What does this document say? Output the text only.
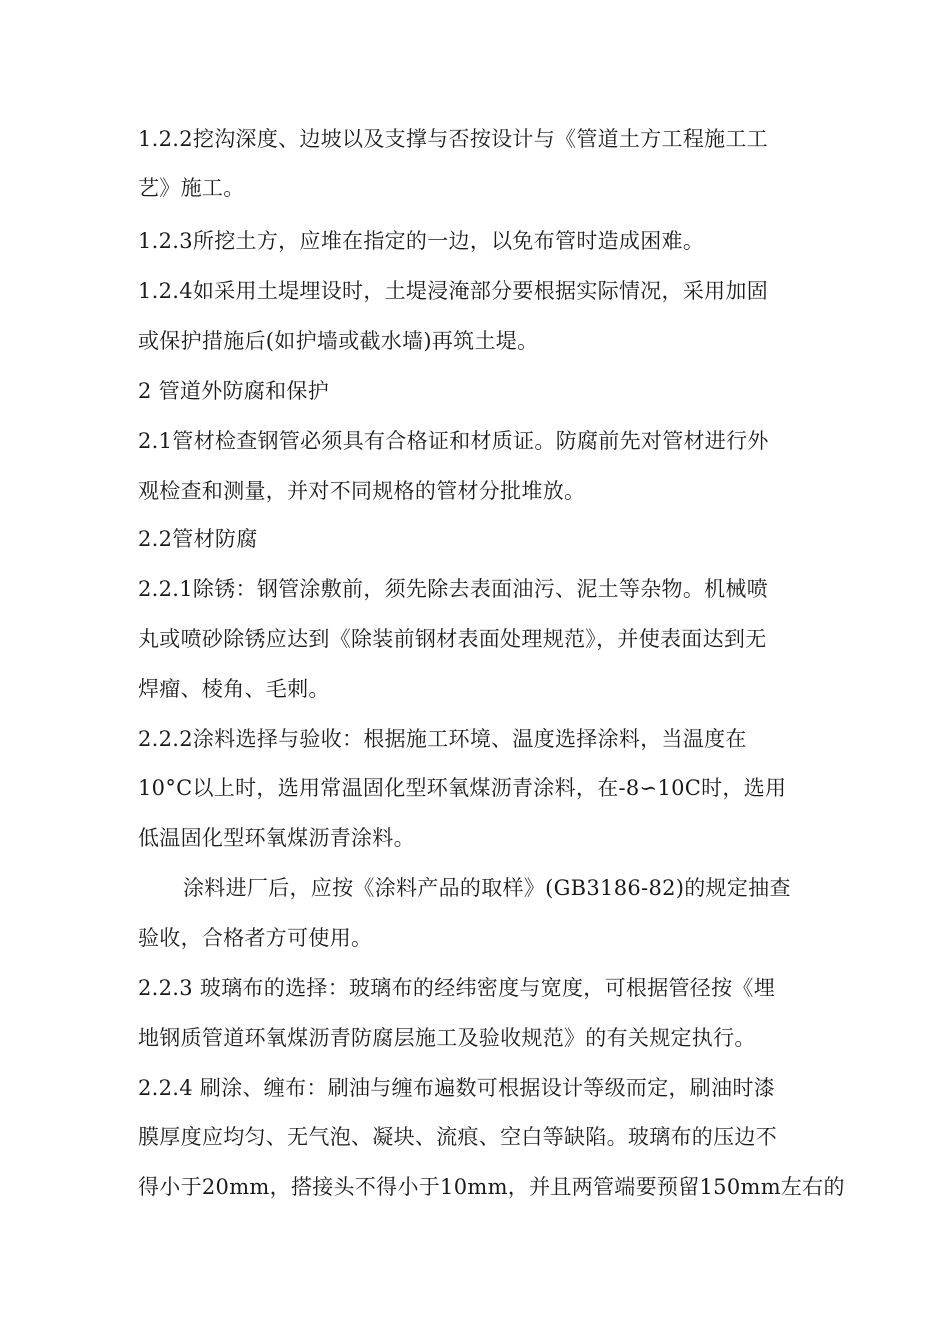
1.2.2挖沟深度、边坡以及支撑与否按设计与《管道土方工程施工工
艺》施工。
1.2.3所挖土方，应堆在指定的一边，以免布管时造成困难。
1.2.4如采用土堤埋设时，土堤浸淹部分要根据实际情况，采用加固
或保护措施后(如护墙或截水墙)再筑土堤。
2 管道外防腐和保护
2.1管材检查钢管必须具有合格证和材质证。防腐前先对管材进行外
观检查和测量，并对不同规格的管材分批堆放。
2.2管材防腐
2.2.1除锈：钢管涂敷前，须先除去表面油污、泥土等杂物。机械喷
丸或喷砂除锈应达到《除装前钢材表面处理规范》，并使表面达到无
焊瘤、棱角、毛刺。
2.2.2涂料选择与验收：根据施工环境、温度选择涂料，当温度在
10°C以上时，选用常温固化型环氧煤沥青涂料，在-8∽10C时，选用
低温固化型环氧煤沥青涂料。
涂料进厂后，应按《涂料产品的取样》(GB3186-82)的规定抽查
验收，合格者方可使用。
2.2.3 玻璃布的选择：玻璃布的经纬密度与宽度，可根据管径按《埋
地钢质管道环氧煤沥青防腐层施工及验收规范》的有关规定执行。
2.2.4 刷涂、缠布：刷油与缠布遍数可根据设计等级而定，刷油时漆
膜厚度应均匀、无气泡、凝块、流痕、空白等缺陷。玻璃布的压边不
得小于20mm，搭接头不得小于10mm，并且两管端要预留150mm左右的
